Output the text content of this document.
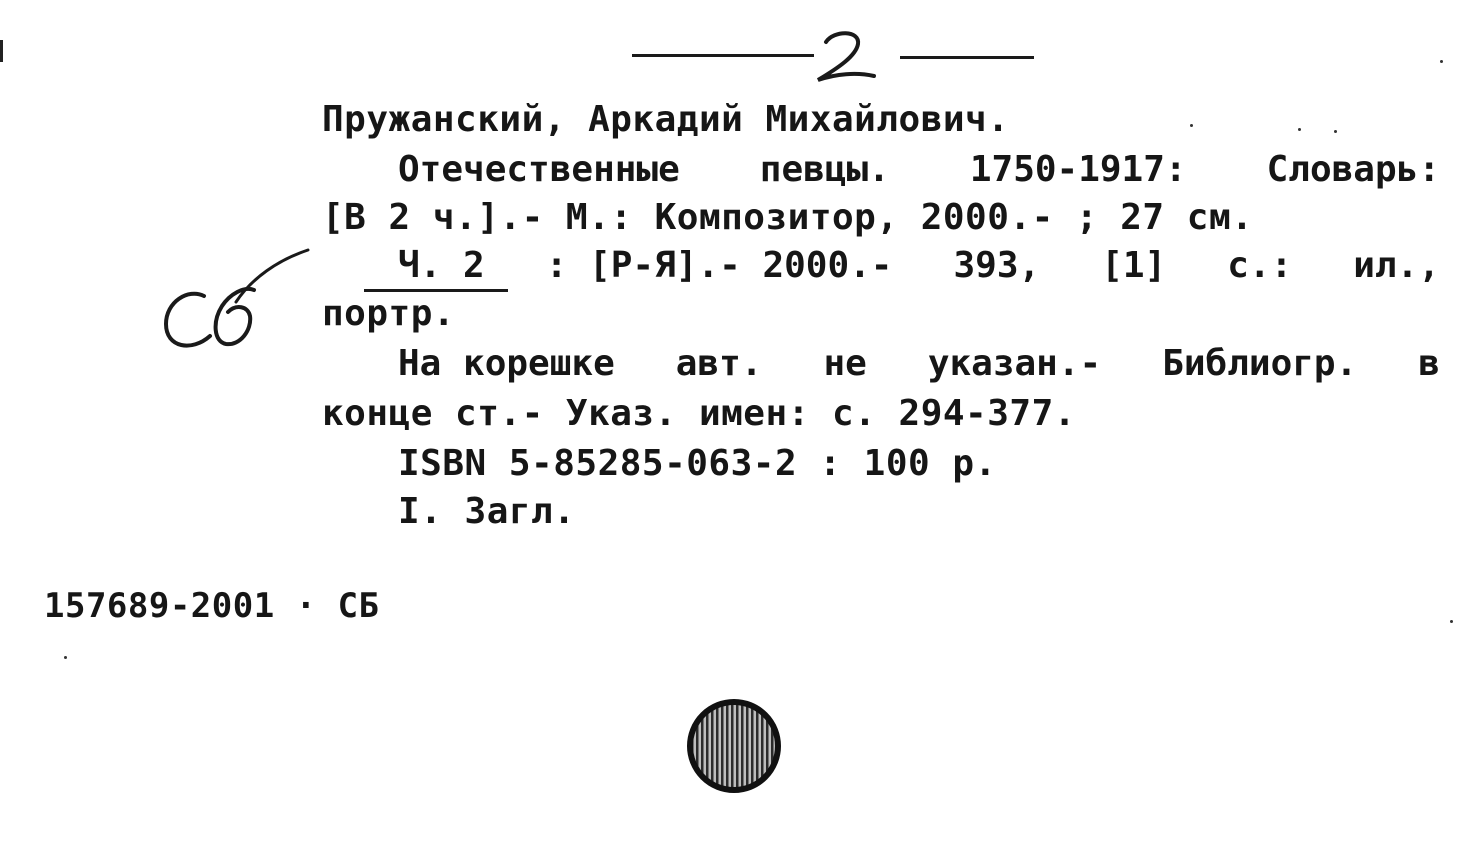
Пружанский, Аркадий Михайлович.
Отечественные певцы. 1750-1917: Словарь:
[В 2 ч.].- М.: Композитор, 2000.- ; 27 см.
Ч. 2 : [Р-Я].- 2000.- 393, [1] с.: ил.,
портр.
На корешке авт. не указан.- Библиогр. в
конце ст.- Указ. имен: с. 294-377.
ISBN 5-85285-063-2 : 100 р.
I. Загл.
157689-2001 · СБ
